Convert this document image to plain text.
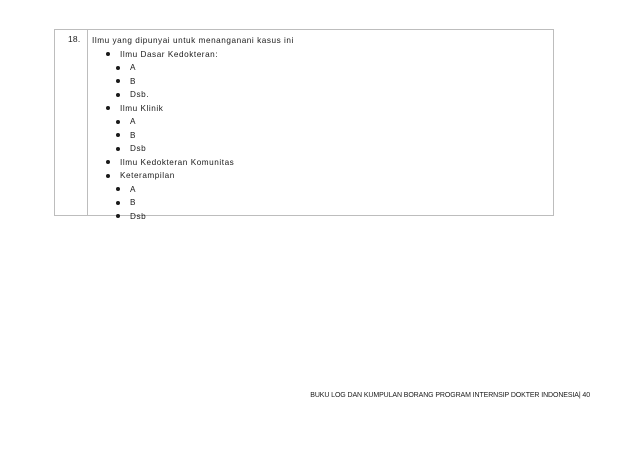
18. Ilmu yang dipunyai untuk menanganani kasus ini
Ilmu Dasar Kedokteran:
A
B
Dsb.
Ilmu Klinik
A
B
Dsb
Ilmu Kedokteran Komunitas
Keterampilan
A
B
Dsb
BUKU LOG DAN KUMPULAN BORANG PROGRAM INTERNSIP DOKTER INDONESIA| 40
